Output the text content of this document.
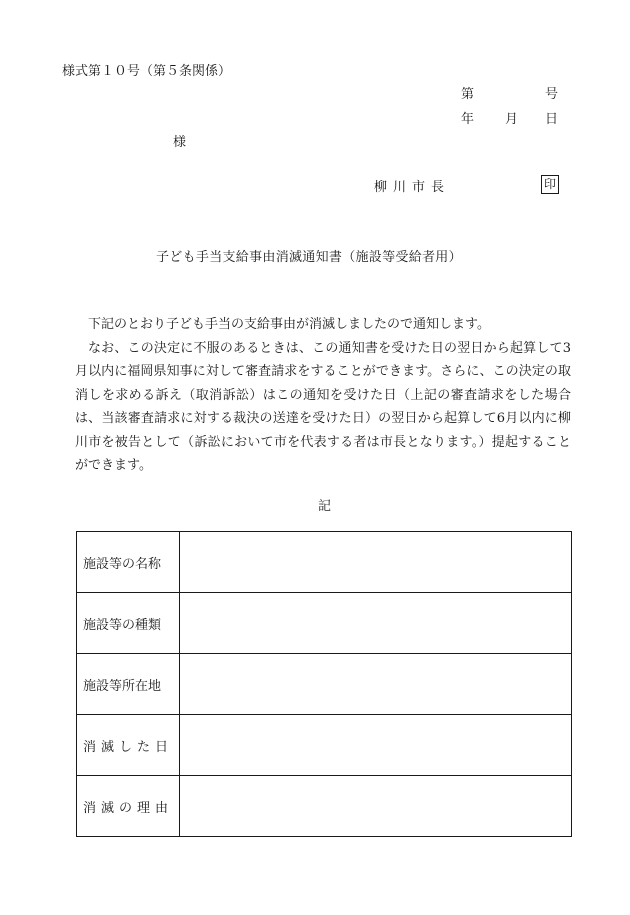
様式第１０号（第５条関係）
第	号
年 月 日
様
柳川市長	印
子ども手当支給事由消滅通知書（施設等受給者用）

下記のとおり子ども手当の支給事由が消滅しましたので通知します。

なお、この決定に不服のあるときは、この通知書を受けた日の翌日から起算して3月以内に福岡県知事に対して審査請求をすることができます。さらに、この決定の取消しを求める訴え（取消訴訟）はこの通知を受けた日（上記の審査請求をした場合は、当該審査請求に対する裁決の送達を受けた日）の翌日から起算して6月以内に柳川市を被告として（訴訟において市を代表する者は市長となります。）提起することができます。

記
施設等の名称	
施設等の種類	
施設等所在地	
消滅した日	
消滅の理由	
